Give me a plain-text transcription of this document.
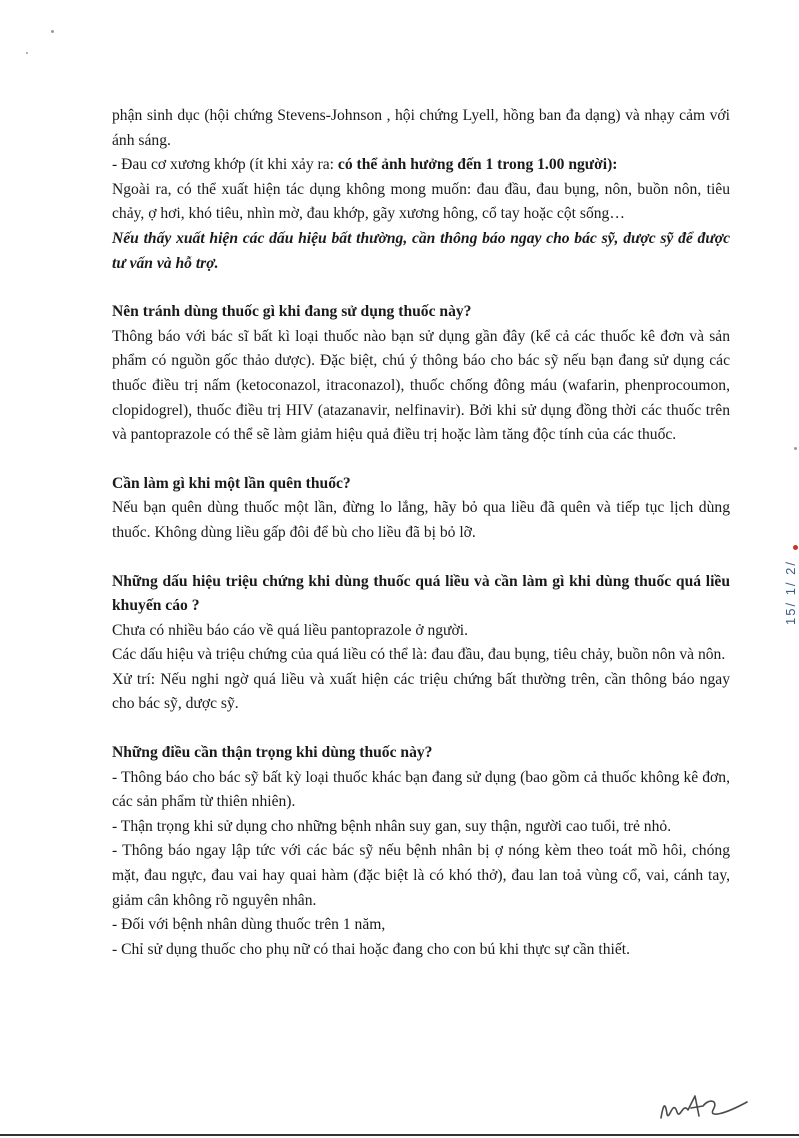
15/ 1/ 2/

phận sinh dục (hội chứng Stevens-Johnson , hội chứng Lyell, hồng ban đa dạng) và nhạy cảm với ánh sáng.

- Đau cơ xương khớp (ít khi xảy ra: có thể ảnh hưởng đến 1 trong 1.00 người):

Ngoài ra, có thể xuất hiện tác dụng không mong muốn: đau đầu, đau bụng, nôn, buồn nôn, tiêu chảy, ợ hơi, khó tiêu, nhìn mờ, đau khớp, gãy xương hông, cổ tay hoặc cột sống…

Nếu thấy xuất hiện các dấu hiệu bất thường, cần thông báo ngay cho bác sỹ, dược sỹ để được tư vấn và hỗ trợ.

Nên tránh dùng thuốc gì khi đang sử dụng thuốc này?

Thông báo với bác sĩ bất kì loại thuốc nào bạn sử dụng gần đây (kể cả các thuốc kê đơn và sản phẩm có nguồn gốc thảo dược). Đặc biệt, chú ý thông báo cho bác sỹ nếu bạn đang sử dụng các thuốc điều trị nấm (ketoconazol, itraconazol), thuốc chống đông máu (wafarin, phenprocoumon, clopidogrel), thuốc điều trị HIV (atazanavir, nelfinavir). Bởi khi sử dụng đồng thời các thuốc trên và pantoprazole có thể sẽ làm giảm hiệu quả điều trị hoặc làm tăng độc tính của các thuốc.

Cần làm gì khi một lần quên thuốc?

Nếu bạn quên dùng thuốc một lần, đừng lo lắng, hãy bỏ qua liều đã quên và tiếp tục lịch dùng thuốc. Không dùng liều gấp đôi để bù cho liều đã bị bỏ lỡ.

Những dấu hiệu triệu chứng khi dùng thuốc quá liều và cần làm gì khi dùng thuốc quá liều khuyến cáo ?

Chưa có nhiều báo cáo về quá liều pantoprazole ở người.

Các dấu hiệu và triệu chứng của quá liều có thể là: đau đầu, đau bụng, tiêu chảy, buồn nôn và nôn.

Xử trí: Nếu nghi ngờ quá liều và xuất hiện các triệu chứng bất thường trên, cần thông báo ngay cho bác sỹ, dược sỹ.

Những điều cần thận trọng khi dùng thuốc này?

- Thông báo cho bác sỹ bất kỳ loại thuốc khác bạn đang sử dụng (bao gồm cả thuốc không kê đơn, các sản phẩm từ thiên nhiên).

- Thận trọng khi sử dụng cho những bệnh nhân suy gan, suy thận, người cao tuổi, trẻ nhỏ.

- Thông báo ngay lập tức với các bác sỹ nếu bệnh nhân bị ợ nóng kèm theo toát mồ hôi, chóng mặt, đau ngực, đau vai hay quai hàm (đặc biệt là có khó thở), đau lan toả vùng cổ, vai, cánh tay, giảm cân không rõ nguyên nhân.

- Đối với bệnh nhân dùng thuốc trên 1 năm,

- Chỉ sử dụng thuốc cho phụ nữ có thai hoặc đang cho con bú khi thực sự cần thiết.
